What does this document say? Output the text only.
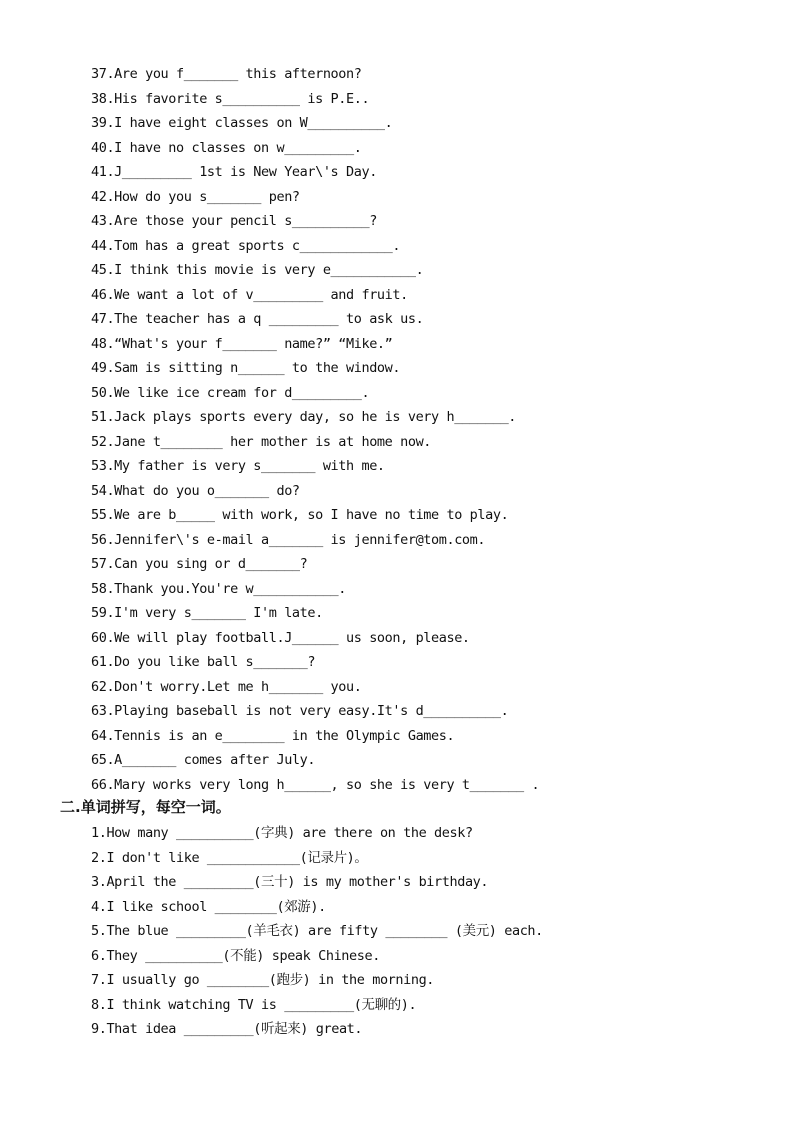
37.Are you f_______ this afternoon?
38.His favorite s__________ is P.E..
39.I have eight classes on W__________.
40.I have no classes on w_________.
41.J_________ 1st is New Year\'s Day.
42.How do you s_______ pen?
43.Are those your pencil s__________?
44.Tom has a great sports c____________.
45.I think this movie is very e___________.
46.We want a lot of v_________ and fruit.
47.The teacher has a q _________ to ask us.
48.“What's your f_______ name?” “Mike.”
49.Sam is sitting n______ to the window.
50.We like ice cream for d_________.
51.Jack plays sports every day, so he is very h_______.
52.Jane t________ her mother is at home now.
53.My father is very s_______ with me.
54.What do you o_______ do?
55.We are b_____ with work, so I have no time to play.
56.Jennifer\'s e-mail a_______ is jennifer@tom.com.
57.Can you sing or d_______?
58.Thank you.You're w___________.
59.I'm very s_______ I'm late.
60.We will play football.J______ us soon, please.
61.Do you like ball s_______?
62.Don't worry.Let me h_______ you.
63.Playing baseball is not very easy.It's d__________.
64.Tennis is an e________ in the Olympic Games.
65.A_______ comes after July.
66.Mary works very long h______, so she is very t_______ .
二.单词拼写，每空一词。
1.How many __________(字典) are there on the desk?
2.I don't like ____________(记录片)。
3.April the _________(三十) is my mother's birthday.
4.I like school ________(郊游).
5.The blue _________(羊毛衣) are fifty ________ (美元) each.
6.They __________(不能) speak Chinese.
7.I usually go ________(跑步) in the morning.
8.I think watching TV is _________(无聊的).
9.That idea _________(听起来) great.
